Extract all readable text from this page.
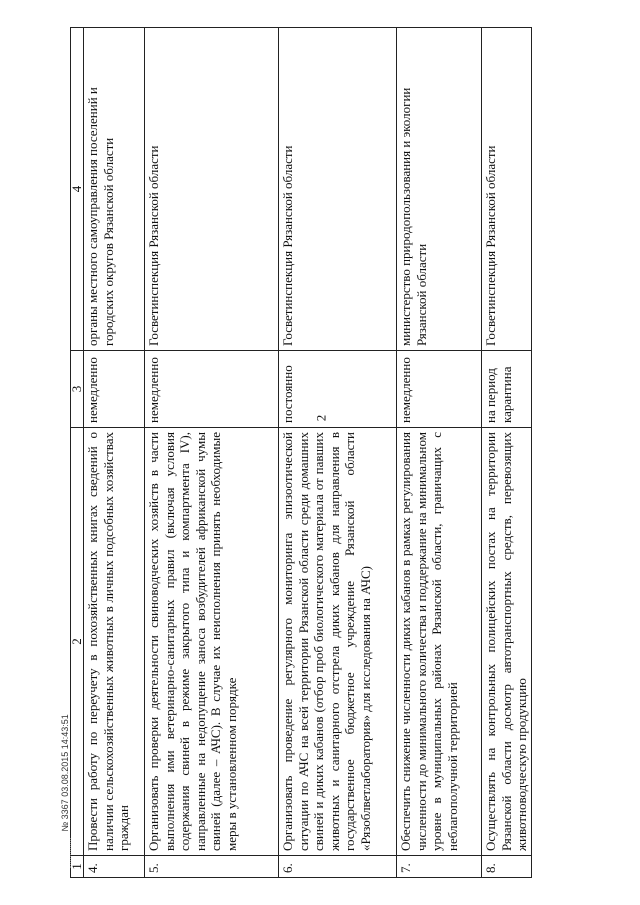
2
1	2	3	4
4.	Провести работу по переучету в похозяйственных книгах сведений о наличии сельскохозяйственных животных в личных подсобных хозяйствах граждан	немедленно	органы местного самоуправления поселений и городских округов Рязанской области
5.	Организовать проверки деятельности свиноводческих хозяйств в части выполнения ими ветеринарно-санитарных правил (включая условия содержания свиней в режиме закрытого типа и компартмента IV), направленные на недопущение заноса возбудителей африканской чумы свиней (далее – АЧС). В случае их неисполнения принять необходимые меры в установленном порядке	немедленно	Госветинспекция Рязанской области
6.	Организовать проведение регулярного мониторинга эпизоотической ситуации по АЧС на всей территории Рязанской области среди домашних свиней и диких кабанов (отбор проб биологического материала от павших животных и санитарного отстрела диких кабанов для направления в государственное бюджетное учреждение Рязанской области «Рязоблветлаборатория» для исследования на АЧС)	постоянно	Госветинспекция Рязанской области
7.	Обеспечить снижение численности диких кабанов в рамках регулирования численности до минимального количества и поддержание на минимальном уровне в муниципальных районах Рязанской области, граничащих с неблагополучной территорией	немедленно	министерство природопользования и экологии Рязанской области
8.	Осуществлять на контрольных полицейских постах на территории Рязанской области досмотр автотранспортных средств, перевозящих животноводческую продукцию	на период карантина	Госветинспекция Рязанской области
№ 3367 03.08.2015 14:43:51
